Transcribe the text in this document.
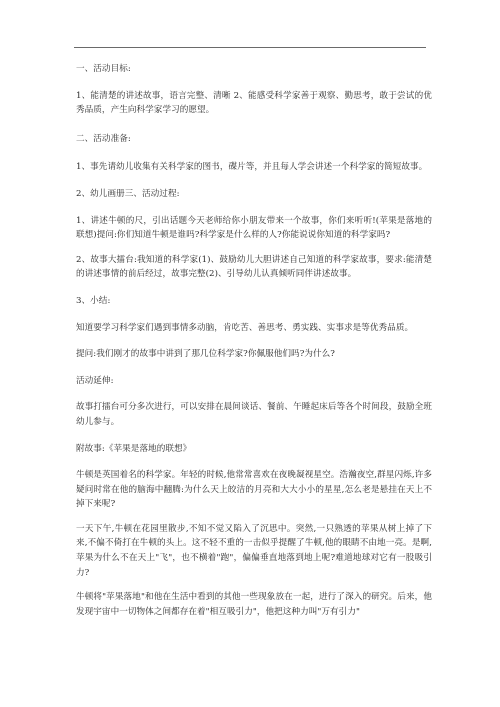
一、活动目标:

1、能清楚的讲述故事，语言完整、清晰 2、能感受科学家善于观察、勤思考，敢于尝试的优秀品质，产生向科学家学习的愿望。

二、活动准备:

1、事先请幼儿收集有关科学家的图书，碟片等，并且每人学会讲述一个科学家的简短故事。

2、幼儿画册三、活动过程:

1、讲述牛顿的尺，引出话题今天老师给你小朋友带来一个故事，你们来听听!(苹果是落地的联想)提问:你们知道牛顿是谁吗?科学家是什么样的人?你能说说你知道的科学家吗?

2、故事大擂台:我知道的科学家(1)、鼓励幼儿大胆讲述自己知道的科学家故事，要求:能清楚的讲述事情的前后经过，故事完整(2)、引导幼儿认真倾听同伴讲述故事。

3、小结:

知道要学习科学家们遇到事情多动脑，肯吃苦、善思考、勇实践、实事求是等优秀品质。

提问:我们刚才的故事中讲到了那几位科学家?你佩服他们吗?为什么?

活动延伸:

故事打擂台可分多次进行，可以安排在晨间谈话、餐前、午睡起床后等各个时间段，鼓励全班幼儿参与。

附故事:《苹果是落地的联想》

牛顿是英国着名的科学家。年轻的时候,他常常喜欢在夜晚凝视星空。浩瀚夜空,群星闪烁,许多疑问时常在他的脑海中翻腾:为什么天上皎洁的月亮和大大小小的星星,怎么老是悬挂在天上不掉下来呢?

一天下午,牛顿在花园里散步,不知不觉又陷入了沉思中。突然,一只熟透的苹果从树上掉了下来,不偏不倚打在牛顿的头上。这不轻不重的一击似乎提醒了牛顿,他的眼睛不由地一亮。是啊,苹果为什么不在天上"飞"，也不横着"跑"，偏偏垂直地落到地上呢?难道地球对它有一股吸引力?

牛顿将"苹果落地"和他在生活中看到的其他一些现象放在一起，进行了深入的研究。后来，他发现宇宙中一切物体之间都存在着"相互吸引力"，他把这种力叫"万有引力"
